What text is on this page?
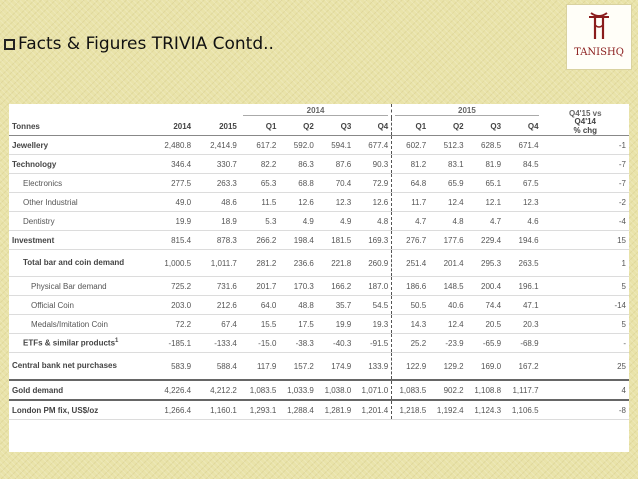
Facts & Figures TRIVIA Contd..	TANISHQ

			2014				2015				Q4'15 vs

Tonnes	2014	2015	Q1	Q2	Q3	Q4	Q1	Q2	Q3	Q4	Q4'14
% chg

Jewellery	2,480.8	2,414.9	617.2	592.0	594.1	677.4	602.7	512.3	628.5	671.4	-1
Technology	346.4	330.7	82.2	86.3	87.6	90.3	81.2	83.1	81.9	84.5	-7
Electronics	277.5	263.3	65.3	68.8	70.4	72.9	64.8	65.9	65.1	67.5	-7
Other Industrial	49.0	48.6	11.5	12.6	12.3	12.6	11.7	12.4	12.1	12.3	-2
Dentistry	19.9	18.9	5.3	4.9	4.9	4.8	4.7	4.8	4.7	4.6	-4
Investment	815.4	878.3	266.2	198.4	181.5	169.3	276.7	177.6	229.4	194.6	15
Total bar and coin demand	1,000.5	1,011.7	281.2	236.6	221.8	260.9	251.4	201.4	295.3	263.5	1
Physical Bar demand	725.2	731.6	201.7	170.3	166.2	187.0	186.6	148.5	200.4	196.1	5
Official Coin	203.0	212.6	64.0	48.8	35.7	54.5	50.5	40.6	74.4	47.1	-14
Medals/Imitation Coin	72.2	67.4	15.5	17.5	19.9	19.3	14.3	12.4	20.5	20.3	5
ETFs & similar products$^1$	-185.1	-133.4	-15.0	-38.3	-40.3	-91.5	25.2	-23.9	-65.9	-68.9	-
Central bank net purchases	583.9	588.4	117.9	157.2	174.9	133.9	122.9	129.2	169.0	167.2	25
Gold demand	4,226.4	4,212.2	1,083.5	1,033.9	1,038.0	1,071.0	1,083.5	902.2	1,108.8	1,117.7	4
London PM fix, US$/oz	1,266.4	1,160.1	1,293.1	1,288.4	1,281.9	1,201.4	1,218.5	1,192.4	1,124.3	1,106.5	-8
